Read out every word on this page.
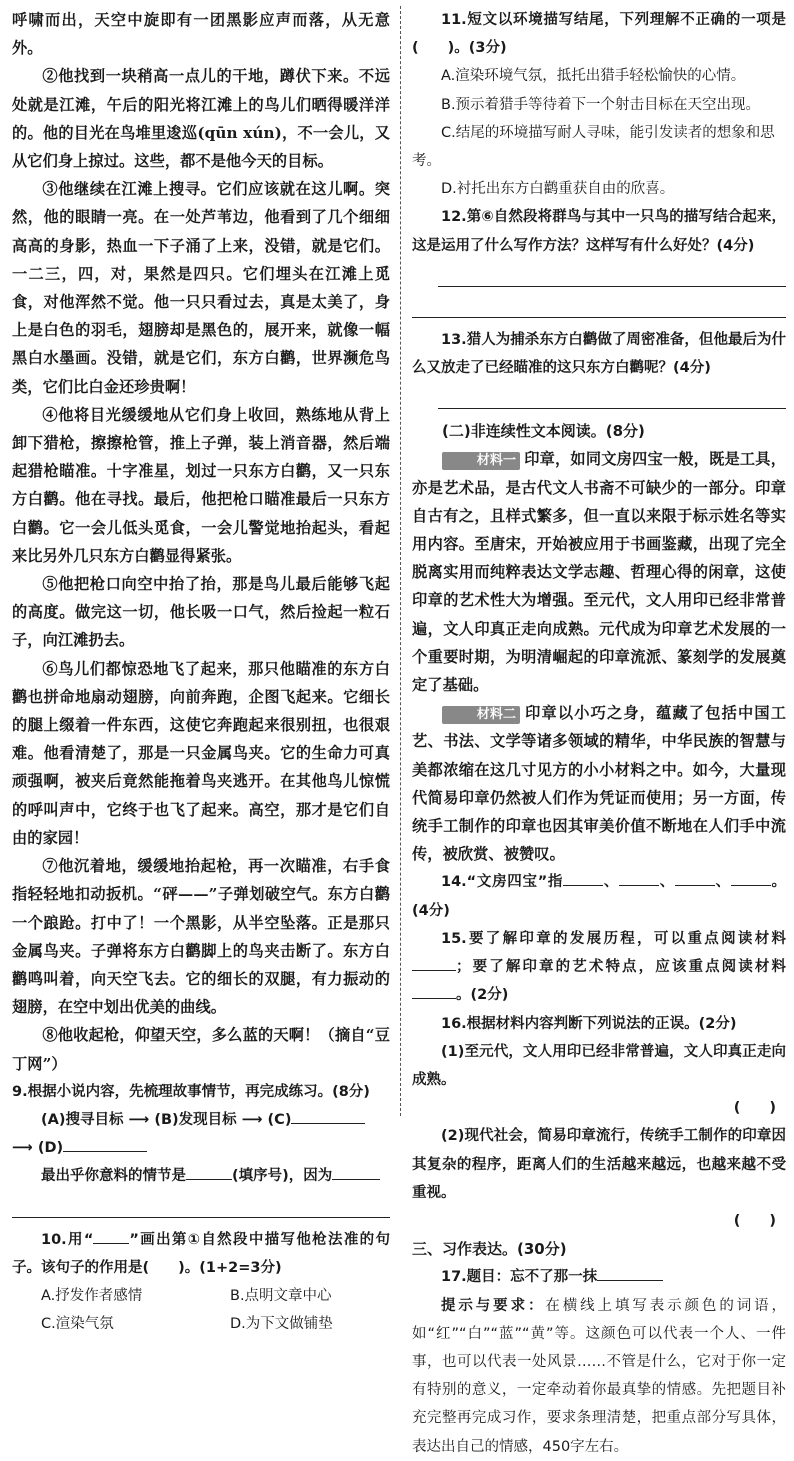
呼啸而出，天空中旋即有一团黑影应声而落，从无意外。

②他找到一块稍高一点儿的干地，蹲伏下来。不远处就是江滩，午后的阳光将江滩上的鸟儿们晒得暖洋洋的。他的目光在鸟堆里逡巡(qūn xún)，不一会儿，又从它们身上掠过。这些，都不是他今天的目标。

③他继续在江滩上搜寻。它们应该就在这儿啊。突然，他的眼睛一亮。在一处芦苇边，他看到了几个细细高高的身影，热血一下子涌了上来，没错，就是它们。一二三，四，对，果然是四只。它们埋头在江滩上觅食，对他浑然不觉。他一只只看过去，真是太美了，身上是白色的羽毛，翅膀却是黑色的，展开来，就像一幅黑白水墨画。没错，就是它们，东方白鹳，世界濒危鸟类，它们比白金还珍贵啊！

④他将目光缓缓地从它们身上收回，熟练地从背上卸下猎枪，擦擦枪管，推上子弹，装上消音器，然后端起猎枪瞄准。十字准星，划过一只东方白鹳，又一只东方白鹳。他在寻找。最后，他把枪口瞄准最后一只东方白鹳。它一会儿低头觅食，一会儿警觉地抬起头，看起来比另外几只东方白鹳显得紧张。

⑤他把枪口向空中抬了抬，那是鸟儿最后能够飞起的高度。做完这一切，他长吸一口气，然后捡起一粒石子，向江滩扔去。

⑥鸟儿们都惊恐地飞了起来，那只他瞄准的东方白鹳也拼命地扇动翅膀，向前奔跑，企图飞起来。它细长的腿上缀着一件东西，这使它奔跑起来很别扭，也很艰难。他看清楚了，那是一只金属鸟夹。它的生命力可真顽强啊，被夹后竟然能拖着鸟夹逃开。在其他鸟儿惊慌的呼叫声中，它终于也飞了起来。高空，那才是它们自由的家园！

⑦他沉着地，缓缓地抬起枪，再一次瞄准，右手食指轻轻地扣动扳机。“砰——”子弹划破空气。东方白鹳一个踉跄。打中了！一个黑影，从半空坠落。正是那只金属鸟夹。子弹将东方白鹳脚上的鸟夹击断了。东方白鹳鸣叫着，向天空飞去。它的细长的双腿，有力振动的翅膀，在空中划出优美的曲线。

⑧他收起枪，仰望天空，多么蓝的天啊！（摘自“豆丁网”）

9.根据小说内容，先梳理故事情节，再完成练习。(8分)

(A)搜寻目标 ⟶ (B)发现目标 ⟶ (C)

⟶ (D)

最出乎你意料的情节是	(填序号)，因为

10.用“ ”画出第①自然段中描写他枪法准的句子。该句子的作用是(　　)。(1+2=3分)

A.抒发作者感情	B.点明文章中心
C.渲染气氛	D.为下文做铺垫

11.短文以环境描写结尾，下列理解不正确的一项是(　　)。(3分)

A.渲染环境气氛，抵托出猎手轻松愉快的心情。

B.预示着猎手等待着下一个射击目标在天空出现。

C.结尾的环境描写耐人寻味，能引发读者的想象和思考。

D.衬托出东方白鹳重获自由的欣喜。

12.第⑥自然段将群鸟与其中一只鸟的描写结合起来，这是运用了什么写作方法？这样写有什么好处？(4分)

13.猎人为捕杀东方白鹳做了周密准备，但他最后为什么又放走了已经瞄准的这只东方白鹳呢？(4分)

(二)非连续性文本阅读。(8分)

材料一 印章，如同文房四宝一般，既是工具，亦是艺术品，是古代文人书斋不可缺少的一部分。印章自古有之，且样式繁多，但一直以来限于标示姓名等实用内容。至唐宋，开始被应用于书画鉴藏，出现了完全脱离实用而纯粹表达文学志趣、哲理心得的闲章，这使印章的艺术性大为增强。至元代，文人用印已经非常普遍，文人印真正走向成熟。元代成为印章艺术发展的一个重要时期，为明清崛起的印章流派、篆刻学的发展奠定了基础。

材料二 印章以小巧之身，蕴藏了包括中国工艺、书法、文学等诸多领域的精华，中华民族的智慧与美都浓缩在这几寸见方的小小材料之中。如今，大量现代简易印章仍然被人们作为凭证而使用；另一方面，传统手工制作的印章也因其审美价值不断地在人们手中流传，被欣赏、被赞叹。

14.“文房四宝”指	、	、	、	。(4分)

15.要了解印章的发展历程，可以重点阅读材料；要了解印章的艺术特点，应该重点阅读材料。(2分)

16.根据材料内容判断下列说法的正误。(2分)

(1)至元代，文人用印已经非常普遍，文人印真正走向成熟。

(　　)

(2)现代社会，简易印章流行，传统手工制作的印章因其复杂的程序，距离人们的生活越来越远，也越来越不受重视。

(　　)

三、习作表达。(30分)

17.题目：忘不了那一抹

提示与要求：在横线上填写表示颜色的词语，如“红”“白”“蓝”“黄”等。这颜色可以代表一个人、一件事，也可以代表一处风景……不管是什么，它对于你一定有特别的意义，一定牵动着你最真挚的情感。先把题目补充完整再完成习作，要求条理清楚，把重点部分写具体，表达出自己的情感，450字左右。
